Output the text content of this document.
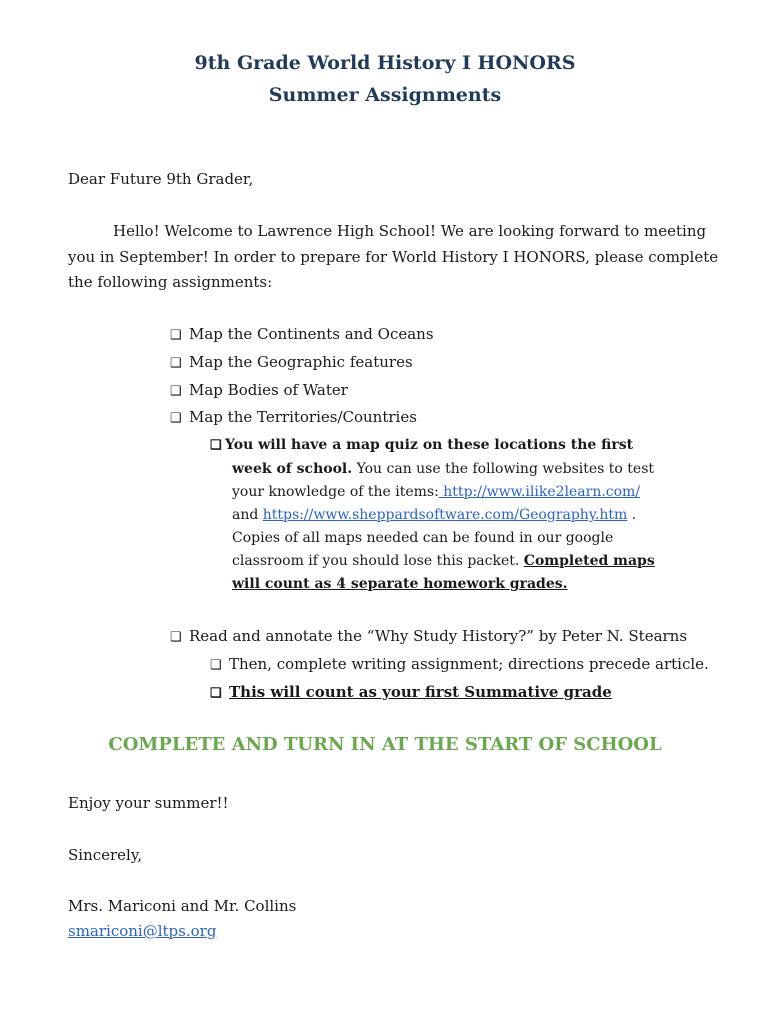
9th Grade World History I HONORS
Summer Assignments
Dear Future 9th Grader,
Hello! Welcome to Lawrence High School! We are looking forward to meeting
you in September! In order to prepare for World History I HONORS, please complete
the following assignments:
❑ Map the Continents and Oceans
❑ Map the Geographic features
❑ Map Bodies of Water
❑ Map the Territories/Countries
❑ You will have a map quiz on these locations the first
week of school. You can use the following websites to test
your knowledge of the items: http://www.ilike2learn.com/
and https://www.sheppardsoftware.com/Geography.htm .
Copies of all maps needed can be found in our google
classroom if you should lose this packet. Completed maps
will count as 4 separate homework grades.
❑ Read and annotate the “Why Study History?” by Peter N. Stearns
❑ Then, complete writing assignment; directions precede article.
❑ This will count as your first Summative grade
COMPLETE AND TURN IN AT THE START OF SCHOOL
Enjoy your summer!!
Sincerely,
Mrs. Mariconi and Mr. Collins
smariconi@ltps.org
